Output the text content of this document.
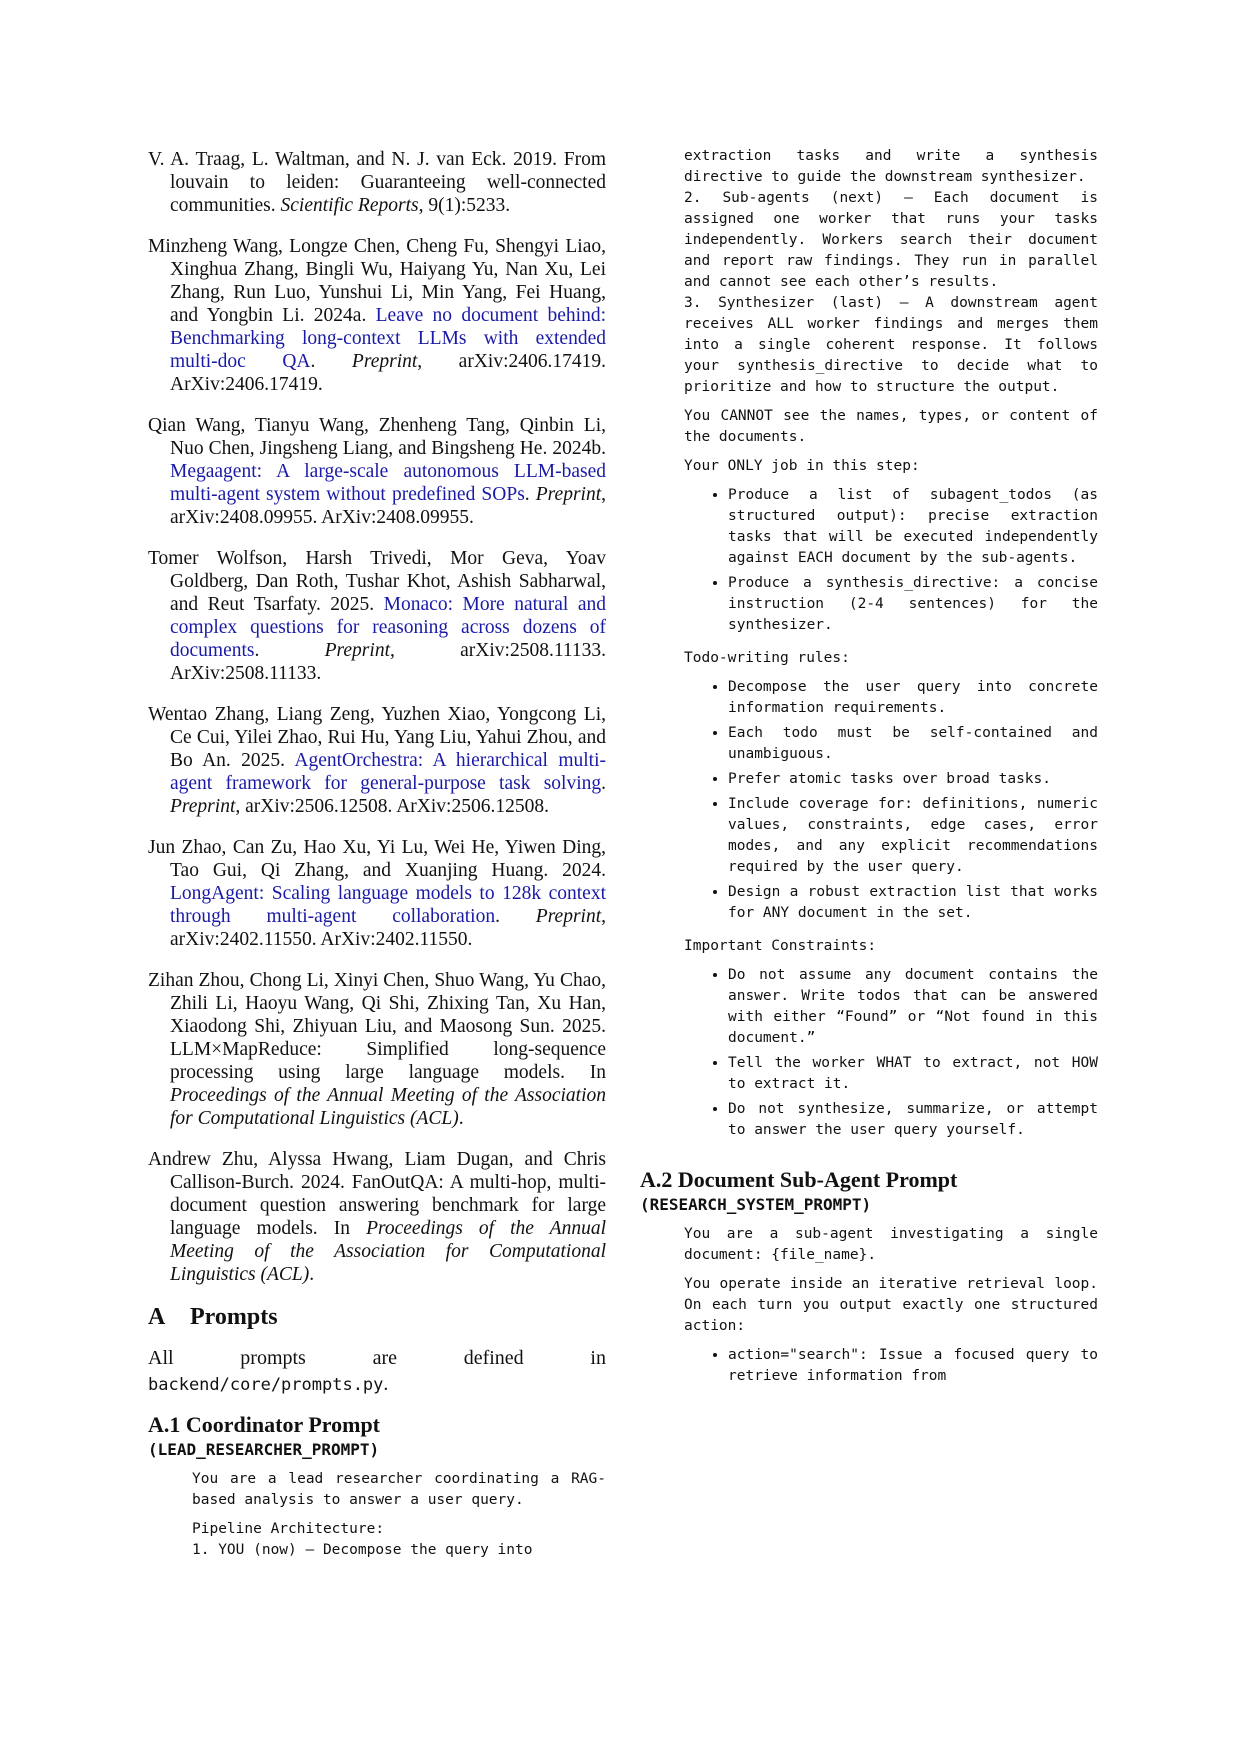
V. A. Traag, L. Waltman, and N. J. van Eck. 2019. From louvain to leiden: Guaranteeing well-connected communities. Scientific Reports, 9(1):5233.

Minzheng Wang, Longze Chen, Cheng Fu, Shengyi Liao, Xinghua Zhang, Bingli Wu, Haiyang Yu, Nan Xu, Lei Zhang, Run Luo, Yunshui Li, Min Yang, Fei Huang, and Yongbin Li. 2024a. Leave no document behind: Benchmarking long-context LLMs with extended multi-doc QA. Preprint, arXiv:2406.17419. ArXiv:2406.17419.

Qian Wang, Tianyu Wang, Zhenheng Tang, Qinbin Li, Nuo Chen, Jingsheng Liang, and Bingsheng He. 2024b. Megaagent: A large-scale autonomous LLM-based multi-agent system without predefined SOPs. Preprint, arXiv:2408.09955. ArXiv:2408.09955.

Tomer Wolfson, Harsh Trivedi, Mor Geva, Yoav Goldberg, Dan Roth, Tushar Khot, Ashish Sabharwal, and Reut Tsarfaty. 2025. Monaco: More natural and complex questions for reasoning across dozens of documents. Preprint, arXiv:2508.11133. ArXiv:2508.11133.

Wentao Zhang, Liang Zeng, Yuzhen Xiao, Yongcong Li, Ce Cui, Yilei Zhao, Rui Hu, Yang Liu, Yahui Zhou, and Bo An. 2025. AgentOrchestra: A hierarchical multi-agent framework for general-purpose task solving. Preprint, arXiv:2506.12508. ArXiv:2506.12508.

Jun Zhao, Can Zu, Hao Xu, Yi Lu, Wei He, Yiwen Ding, Tao Gui, Qi Zhang, and Xuanjing Huang. 2024. LongAgent: Scaling language models to 128k context through multi-agent collaboration. Preprint, arXiv:2402.11550. ArXiv:2402.11550.

Zihan Zhou, Chong Li, Xinyi Chen, Shuo Wang, Yu Chao, Zhili Li, Haoyu Wang, Qi Shi, Zhixing Tan, Xu Han, Xiaodong Shi, Zhiyuan Liu, and Maosong Sun. 2025. LLM×MapReduce: Simplified long-sequence processing using large language models. In Proceedings of the Annual Meeting of the Association for Computational Linguistics (ACL).

Andrew Zhu, Alyssa Hwang, Liam Dugan, and Chris Callison-Burch. 2024. FanOutQA: A multi-hop, multi-document question answering benchmark for large language models. In Proceedings of the Annual Meeting of the Association for Computational Linguistics (ACL).

A Prompts
All	prompts	are	defined	in
backend/core/prompts.py.
A.1 Coordinator Prompt
(LEAD_RESEARCHER_PROMPT)

You are a lead researcher coordinating a RAG-based analysis to answer a user query.

Pipeline Architecture:

1. YOU (now) — Decompose the query into

extraction tasks and write a synthesis directive to guide the downstream synthesizer.

2. Sub-agents (next) — Each document is assigned one worker that runs your tasks independently. Workers search their document and report raw findings. They run in parallel and cannot see each other’s results.

3. Synthesizer (last) — A downstream agent receives ALL worker findings and merges them into a single coherent response. It follows your synthesis_directive to decide what to prioritize and how to structure the output.

You CANNOT see the names, types, or content of the documents.

Your ONLY job in this step:

• Produce a list of subagent_todos (as structured output): precise extraction tasks that will be executed independently against EACH document by the sub-agents.
• Produce a synthesis_directive: a concise instruction (2-4 sentences) for the synthesizer.

Todo-writing rules:

• Decompose the user query into concrete information requirements.
• Each todo must be self-contained and unambiguous.
• Prefer atomic tasks over broad tasks.
• Include coverage for: definitions, numeric values, constraints, edge cases, error modes, and any explicit recommendations required by the user query.
• Design a robust extraction list that works for ANY document in the set.

Important Constraints:

• Do not assume any document contains the answer. Write todos that can be answered with either “Found” or “Not found in this document.”
• Tell the worker WHAT to extract, not HOW to extract it.
• Do not synthesize, summarize, or attempt to answer the user query yourself.
A.2 Document Sub-Agent Prompt
(RESEARCH_SYSTEM_PROMPT)

You are a sub-agent investigating a single document: {file_name}.

You operate inside an iterative retrieval loop. On each turn you output exactly one structured action:

• action="search": Issue a focused query to retrieve information from
